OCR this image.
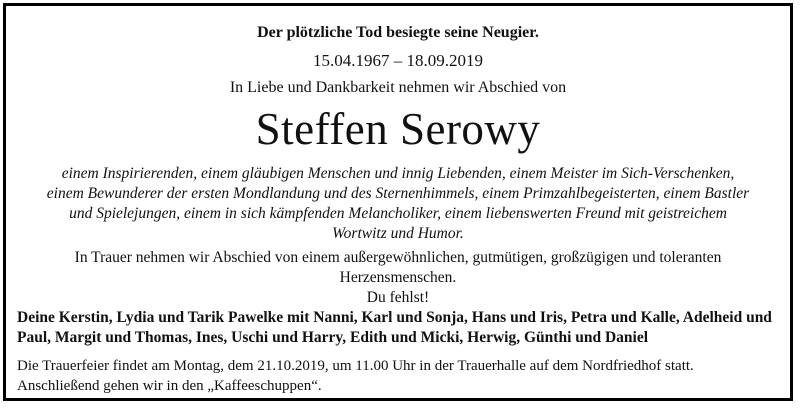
Der plötzliche Tod besiegte seine Neugier.
15.04.1967 – 18.09.2019
In Liebe und Dankbarkeit nehmen wir Abschied von
Steffen Serowy
einem Inspirierenden, einem gläubigen Menschen und innig Liebenden, einem Meister im Sich-Verschenken,
einem Bewunderer der ersten Mondlandung und des Sternenhimmels, einem Primzahlbegeisterten, einem Bastler
und Spielejungen, einem in sich kämpfenden Melancholiker, einem liebenswerten Freund mit geistreichem
Wortwitz und Humor.
In Trauer nehmen wir Abschied von einem außergewöhnlichen, gutmütigen, großzügigen und toleranten
Herzensmenschen.
Du fehlst!
Deine Kerstin, Lydia und Tarik Pawelke mit Nanni, Karl und Sonja, Hans und Iris, Petra und Kalle, Adelheid und
Paul, Margit und Thomas, Ines, Uschi und Harry, Edith und Micki, Herwig, Günthi und Daniel
Die Trauerfeier findet am Montag, dem 21.10.2019, um 11.00 Uhr in der Trauerhalle auf dem Nordfriedhof statt.
Anschließend gehen wir in den „Kaffeeschuppen“.
